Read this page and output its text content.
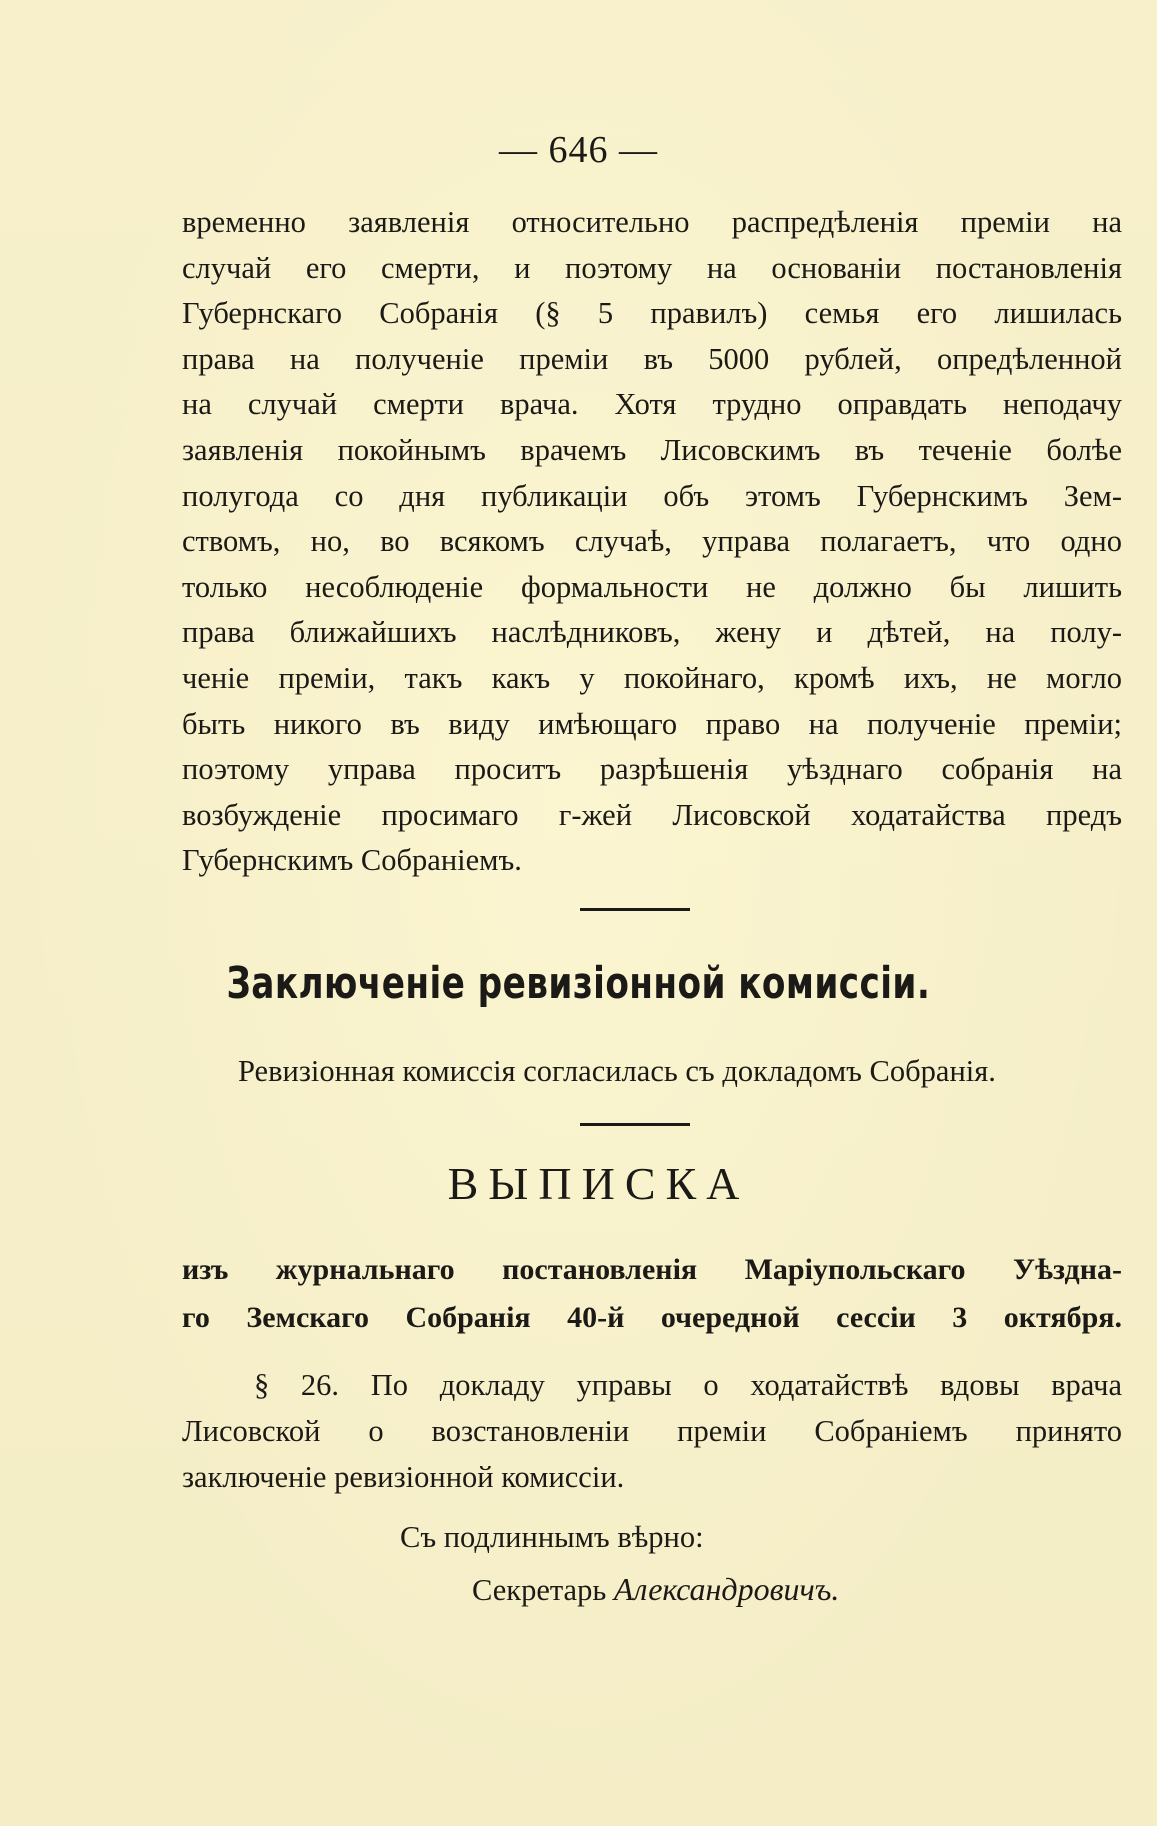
— 646 —
временно заявленія относительно распредѣленія преміи на
случай его смерти, и поэтому на основаніи постановленія
Губернскаго Собранія (§ 5 правилъ) семья его лишилась
права на полученіе преміи въ 5000 рублей, опредѣленной
на случай смерти врача. Хотя трудно оправдать неподачу
заявленія покойнымъ врачемъ Лисовскимъ въ теченіе болѣе
полугода со дня публикаціи объ этомъ Губернскимъ Зем-
ствомъ, но, во всякомъ случаѣ, управа полагаетъ, что одно
только несоблюденіе формальности не должно бы лишить
права ближайшихъ наслѣдниковъ, жену и дѣтей, на полу-
ченіе преміи, такъ какъ у покойнаго, кромѣ ихъ, не могло
быть никого въ виду имѣющаго право на полученіе преміи;
поэтому управа проситъ разрѣшенія уѣзднаго собранія на
возбужденіе просимаго г-жей Лисовской ходатайства предъ
Губернскимъ Собраніемъ.
Заключеніе ревизіонной комиссіи.
Ревизіонная комиссія согласилась съ докладомъ Собранія.
ВЫПИСКА
изъ журнальнаго постановленія Маріупольскаго Уѣздна-
го Земскаго Собранія 40-й очередной сессіи 3 октября.
§ 26. По докладу управы о ходатайствѣ вдовы врача
Лисовской о возстановленіи преміи Собраніемъ принято
заключеніе ревизіонной комиссіи.
Съ подлиннымъ вѣрно:
Секретарь Александровичъ.
